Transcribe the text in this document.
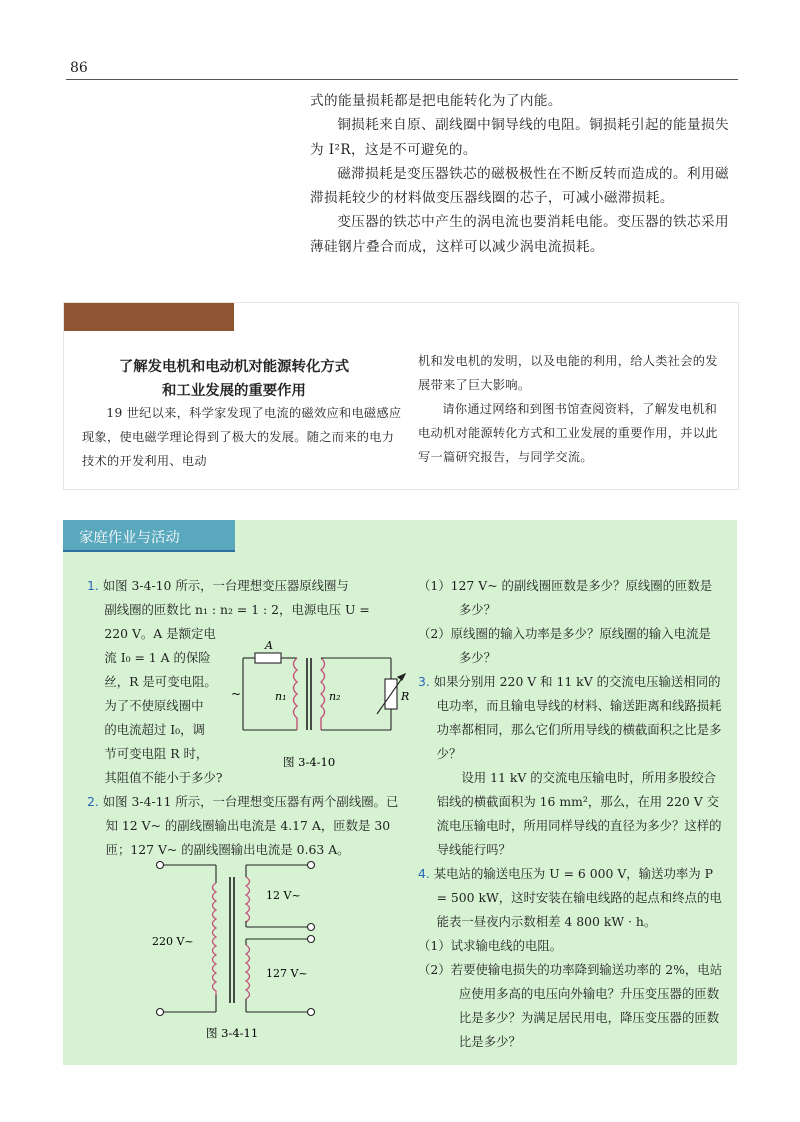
86

式的能量损耗都是把电能转化为了内能。

铜损耗来自原、副线圈中铜导线的电阻。铜损耗引起的能量损失为 I²R，这是不可避免的。

磁滞损耗是变压器铁芯的磁极极性在不断反转而造成的。利用磁滞损耗较少的材料做变压器线圈的芯子，可减小磁滞损耗。

变压器的铁芯中产生的涡电流也要消耗电能。变压器的铁芯采用薄硅钢片叠合而成，这样可以减少涡电流损耗。

了解发电机和电动机对能源转化方式
和工业发展的重要作用

19 世纪以来，科学家发现了电流的磁效应和电磁感应现象，使电磁学理论得到了极大的发展。随之而来的电力技术的开发利用、电动

机和发电机的发明，以及电能的利用，给人类社会的发展带来了巨大影响。

请你通过网络和到图书馆查阅资料，了解发电机和电动机对能源转化方式和工业发展的重要作用，并以此写一篇研究报告，与同学交流。

家庭作业与活动

1. 如图 3-4-10 所示，一台理想变压器原线圈与

副线圈的匝数比 n₁ : n₂ = 1 : 2，电源电压 U =

220 V。A 是额定电

流 I₀ = 1 A 的保险

丝，R 是可变电阻。

为了不使原线圈中

的电流超过 I₀，调

节可变电阻 R 时，

其阻值不能小于多少?

A
~	n₁	n₂	R
图 3-4-10

2. 如图 3-4-11 所示，一台理想变压器有两个副线圈。已知 12 V~ 的副线圈输出电流是 4.17 A，匝数是 30 匝；127 V~ 的副线圈输出电流是 0.63 A。

220 V~
12 V~
127 V~
图 3-4-11

（1）127 V~ 的副线圈匝数是多少？原线圈的匝数是多少？

（2）原线圈的输入功率是多少？原线圈的输入电流是多少？

3. 如果分别用 220 V 和 11 kV 的交流电压输送相同的电功率，而且输电导线的材料、输送距离和线路损耗功率都相同，那么它们所用导线的横截面积之比是多少？

设用 11 kV 的交流电压输电时，所用多股绞合铝线的横截面积为 16 mm²，那么，在用 220 V 交流电压输电时，所用同样导线的直径为多少？这样的导线能行吗？

4. 某电站的输送电压为 U = 6 000 V，输送功率为 P = 500 kW，这时安装在输电线路的起点和终点的电能表一昼夜内示数相差 4 800 kW · h。

（1）试求输电线的电阻。

（2）若要使输电损失的功率降到输送功率的 2%，电站应使用多高的电压向外输电？升压变压器的匝数比是多少？为满足居民用电，降压变压器的匝数比是多少？
